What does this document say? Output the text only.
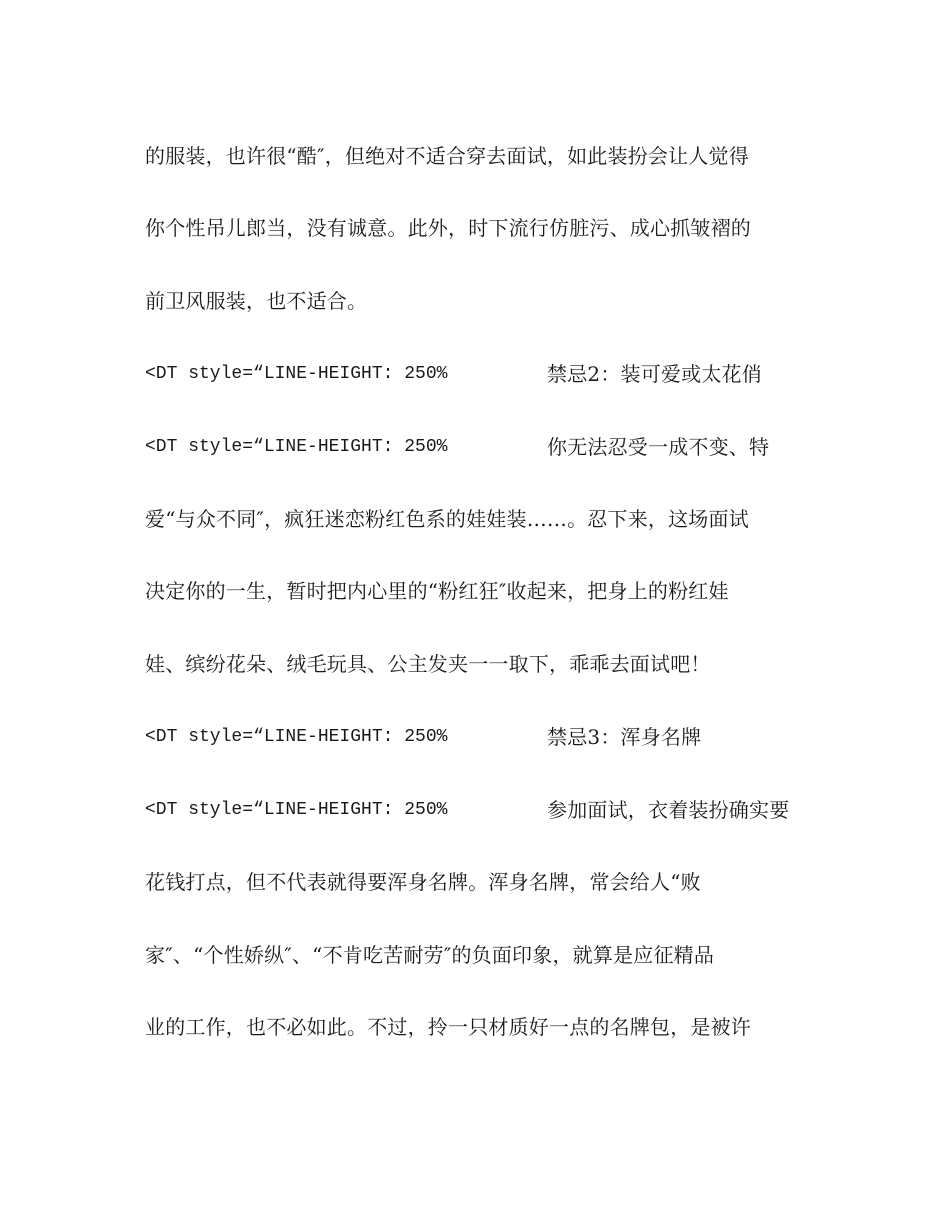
的服装，也许很“酷″，但绝对不适合穿去面试，如此装扮会让人觉得
你个性吊儿郎当，没有诚意。此外，时下流行仿脏污、成心抓皱褶的
前卫风服装，也不适合。
<DT style=“LINE-HEIGHT: 250%	禁忌2：装可爱或太花俏
<DT style=“LINE-HEIGHT: 250%	你无法忍受一成不变、特
爱“与众不同″，疯狂迷恋粉红色系的娃娃装……。忍下来，这场面试
决定你的一生，暂时把内心里的“粉红狂″收起来，把身上的粉红娃
娃、缤纷花朵、绒毛玩具、公主发夹一一取下，乖乖去面试吧！
<DT style=“LINE-HEIGHT: 250%	禁忌3：浑身名牌
<DT style=“LINE-HEIGHT: 250%	参加面试，衣着装扮确实要
花钱打点，但不代表就得要浑身名牌。浑身名牌，常会给人“败
家″、“个性娇纵″、“不肯吃苦耐劳″的负面印象，就算是应征精品
业的工作，也不必如此。不过，拎一只材质好一点的名牌包，是被许
